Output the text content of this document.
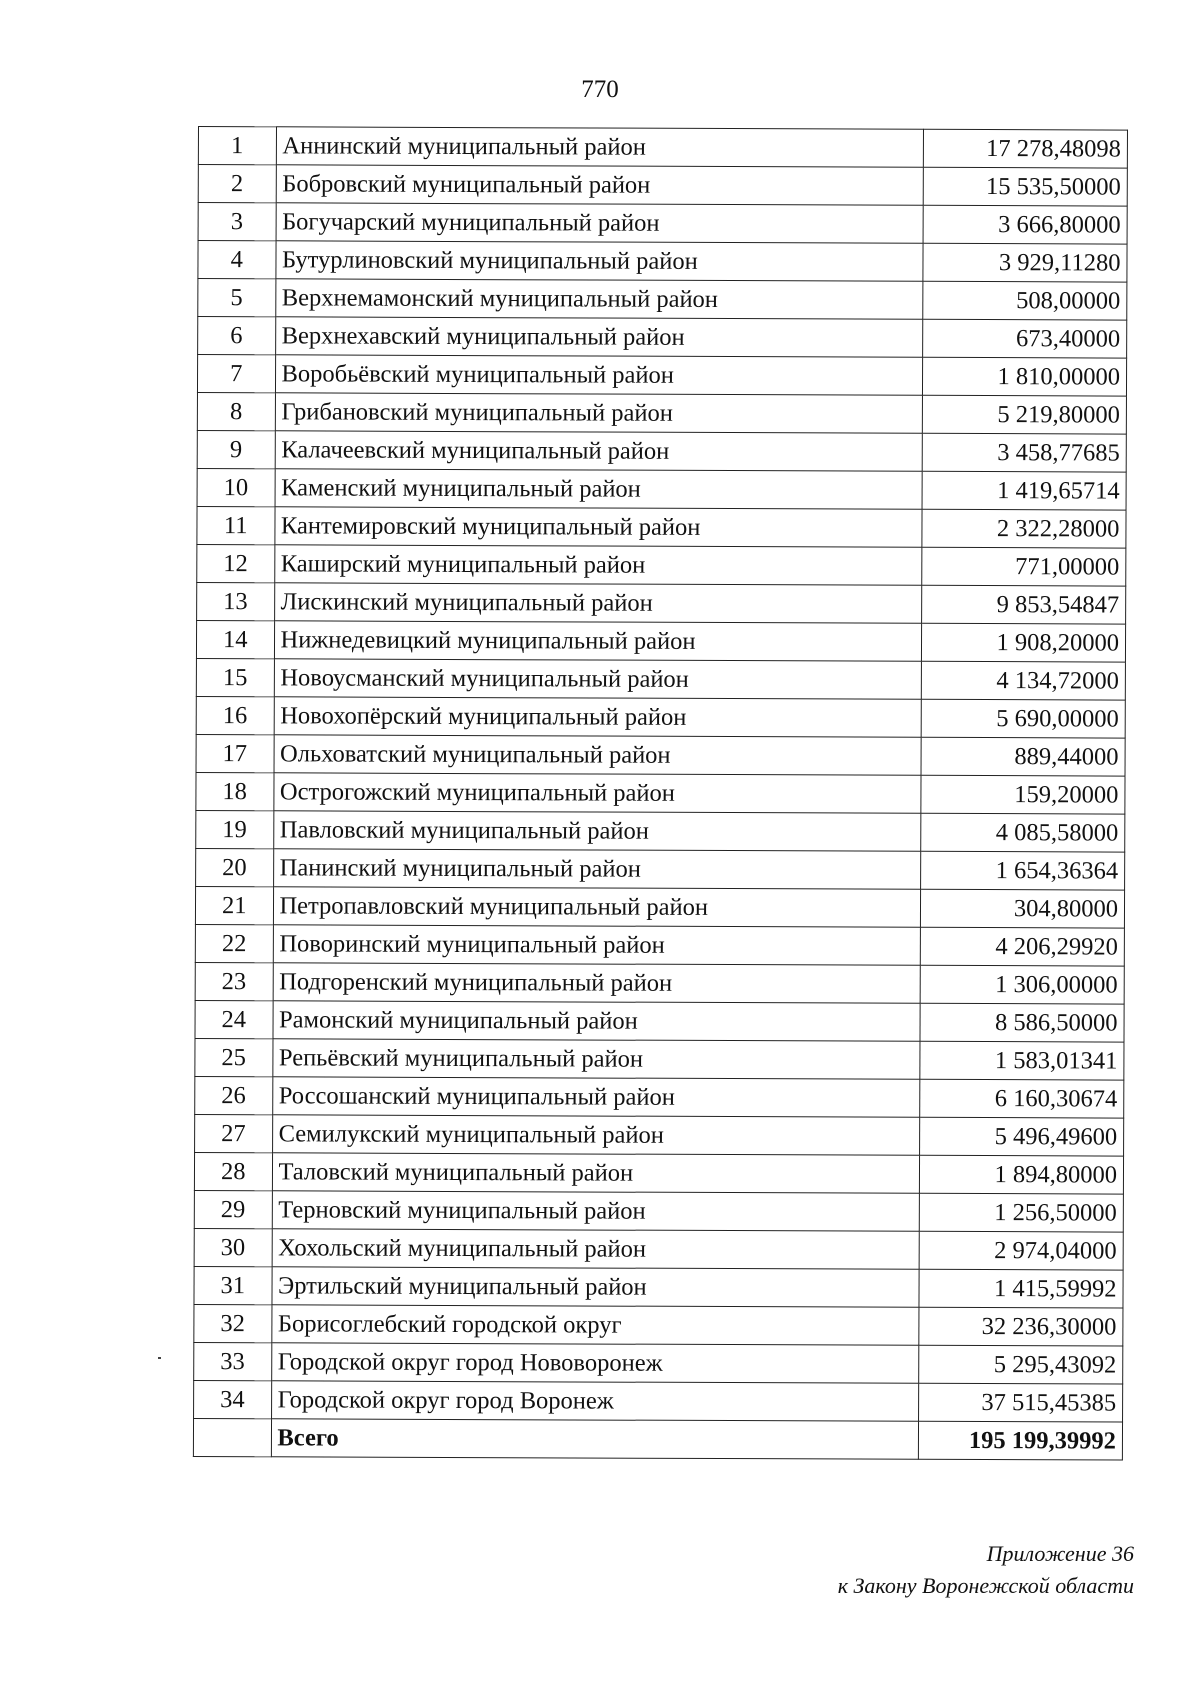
770
1	Аннинский муниципальный район	17 278,48098
2	Бобровский муниципальный район	15 535,50000
3	Богучарский муниципальный район	3 666,80000
4	Бутурлиновский муниципальный район	3 929,11280
5	Верхнемамонский муниципальный район	508,00000
6	Верхнехавский муниципальный район	673,40000
7	Воробьёвский муниципальный район	1 810,00000
8	Грибановский муниципальный район	5 219,80000
9	Калачеевский муниципальный район	3 458,77685
10	Каменский муниципальный район	1 419,65714
11	Кантемировский муниципальный район	2 322,28000
12	Каширский муниципальный район	771,00000
13	Лискинский муниципальный район	9 853,54847
14	Нижнедевицкий муниципальный район	1 908,20000
15	Новоусманский муниципальный район	4 134,72000
16	Новохопёрский муниципальный район	5 690,00000
17	Ольховатский муниципальный район	889,44000
18	Острогожский муниципальный район	159,20000
19	Павловский муниципальный район	4 085,58000
20	Панинский муниципальный район	1 654,36364
21	Петропавловский муниципальный район	304,80000
22	Поворинский муниципальный район	4 206,29920
23	Подгоренский муниципальный район	1 306,00000
24	Рамонский муниципальный район	8 586,50000
25	Репьёвский муниципальный район	1 583,01341
26	Россошанский муниципальный район	6 160,30674
27	Семилукский муниципальный район	5 496,49600
28	Таловский муниципальный район	1 894,80000
29	Терновский муниципальный район	1 256,50000
30	Хохольский муниципальный район	2 974,04000
31	Эртильский муниципальный район	1 415,59992
32	Борисоглебский городской округ	32 236,30000
33	Городской округ город Нововоронеж	5 295,43092
34	Городской округ город Воронеж	37 515,45385
	Всего	195 199,39992
Приложение 36
к Закону Воронежской области
